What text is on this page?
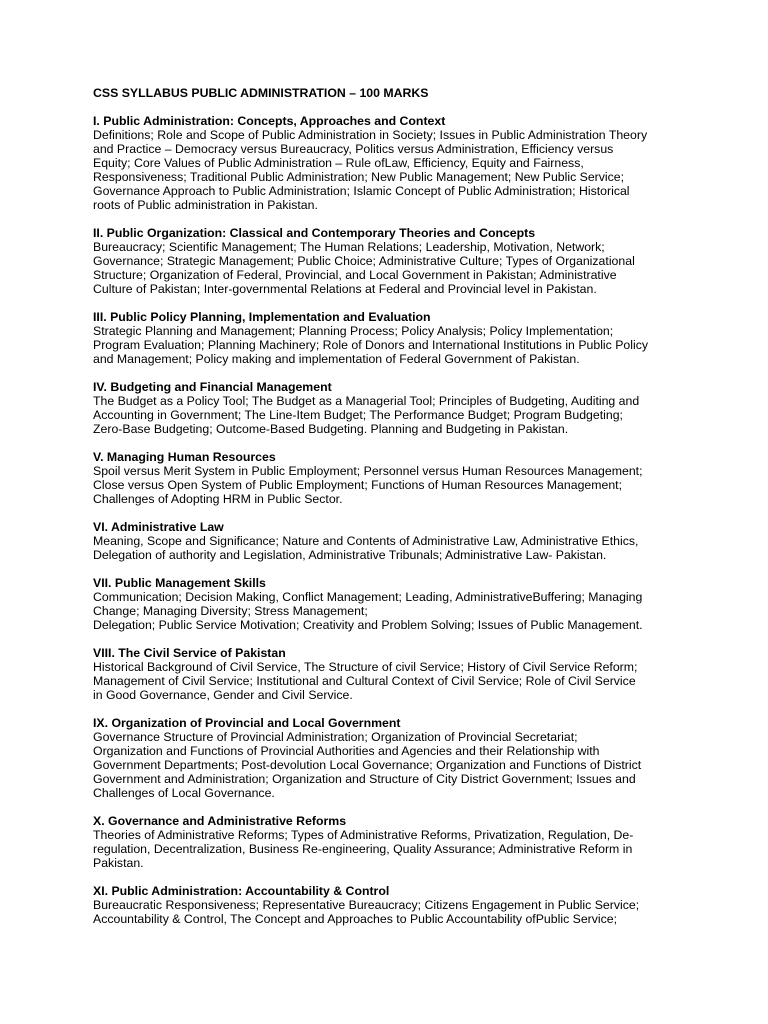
CSS SYLLABUS PUBLIC ADMINISTRATION – 100 MARKS
I. Public Administration: Concepts, Approaches and Context
Definitions; Role and Scope of Public Administration in Society; Issues in Public Administration Theory
and Practice – Democracy versus Bureaucracy, Politics versus Administration, Efficiency versus
Equity; Core Values of Public Administration – Rule ofLaw, Efficiency, Equity and Fairness,
Responsiveness; Traditional Public Administration; New Public Management; New Public Service;
Governance Approach to Public Administration; Islamic Concept of Public Administration; Historical
roots of Public administration in Pakistan.
II. Public Organization: Classical and Contemporary Theories and Concepts
Bureaucracy; Scientific Management; The Human Relations; Leadership, Motivation, Network;
Governance; Strategic Management; Public Choice; Administrative Culture; Types of Organizational
Structure; Organization of Federal, Provincial, and Local Government in Pakistan; Administrative
Culture of Pakistan; Inter-governmental Relations at Federal and Provincial level in Pakistan.
III. Public Policy Planning, Implementation and Evaluation
Strategic Planning and Management; Planning Process; Policy Analysis; Policy Implementation;
Program Evaluation; Planning Machinery; Role of Donors and International Institutions in Public Policy
and Management; Policy making and implementation of Federal Government of Pakistan.
IV. Budgeting and Financial Management
The Budget as a Policy Tool; The Budget as a Managerial Tool; Principles of Budgeting, Auditing and
Accounting in Government; The Line-Item Budget; The Performance Budget; Program Budgeting;
Zero-Base Budgeting; Outcome-Based Budgeting. Planning and Budgeting in Pakistan.
V. Managing Human Resources
Spoil versus Merit System in Public Employment; Personnel versus Human Resources Management;
Close versus Open System of Public Employment; Functions of Human Resources Management;
Challenges of Adopting HRM in Public Sector.
VI. Administrative Law
Meaning, Scope and Significance; Nature and Contents of Administrative Law, Administrative Ethics,
Delegation of authority and Legislation, Administrative Tribunals; Administrative Law- Pakistan.
VII. Public Management Skills
Communication; Decision Making, Conflict Management; Leading, AdministrativeBuffering; Managing
Change; Managing Diversity; Stress Management;
Delegation; Public Service Motivation; Creativity and Problem Solving; Issues of Public Management.
VIII. The Civil Service of Pakistan
Historical Background of Civil Service, The Structure of civil Service; History of Civil Service Reform;
Management of Civil Service; Institutional and Cultural Context of Civil Service; Role of Civil Service
in Good Governance, Gender and Civil Service.
IX. Organization of Provincial and Local Government
Governance Structure of Provincial Administration; Organization of Provincial Secretariat;
Organization and Functions of Provincial Authorities and Agencies and their Relationship with
Government Departments; Post-devolution Local Governance; Organization and Functions of District
Government and Administration; Organization and Structure of City District Government; Issues and
Challenges of Local Governance.
X. Governance and Administrative Reforms
Theories of Administrative Reforms; Types of Administrative Reforms, Privatization, Regulation, De-
regulation, Decentralization, Business Re-engineering, Quality Assurance; Administrative Reform in
Pakistan.
XI. Public Administration: Accountability & Control
Bureaucratic Responsiveness; Representative Bureaucracy; Citizens Engagement in Public Service;
Accountability & Control, The Concept and Approaches to Public Accountability ofPublic Service;
